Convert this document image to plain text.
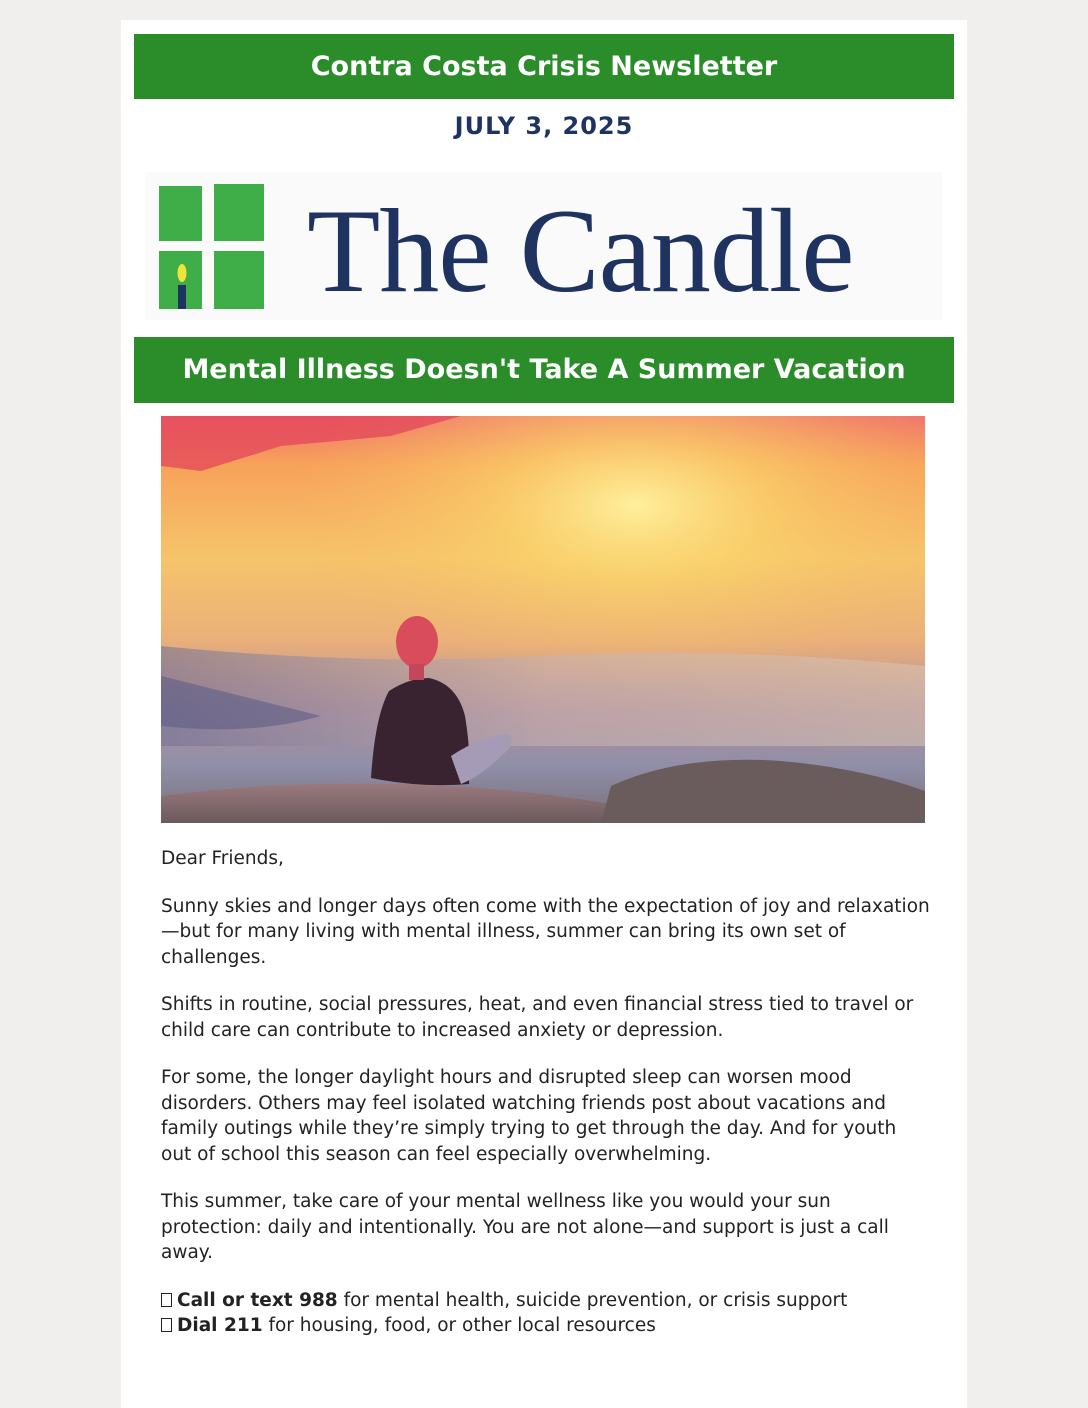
Contra Costa Crisis Newsletter
JULY 3, 2025
The Candle
Mental Illness Doesn't Take A Summer Vacation

Dear Friends,

Sunny skies and longer days often come with the expectation of joy and relaxation —but for many living with mental illness, summer can bring its own set of challenges.

Shifts in routine, social pressures, heat, and even financial stress tied to travel or child care can contribute to increased anxiety or depression.

For some, the longer daylight hours and disrupted sleep can worsen mood disorders. Others may feel isolated watching friends post about vacations and family outings while they’re simply trying to get through the day. And for youth out of school this season can feel especially overwhelming.

This summer, take care of your mental wellness like you would your sun protection: daily and intentionally. You are not alone—and support is just a call away.

Call or text 988 for mental health, suicide prevention, or crisis support
Dial 211 for housing, food, or other local resources
